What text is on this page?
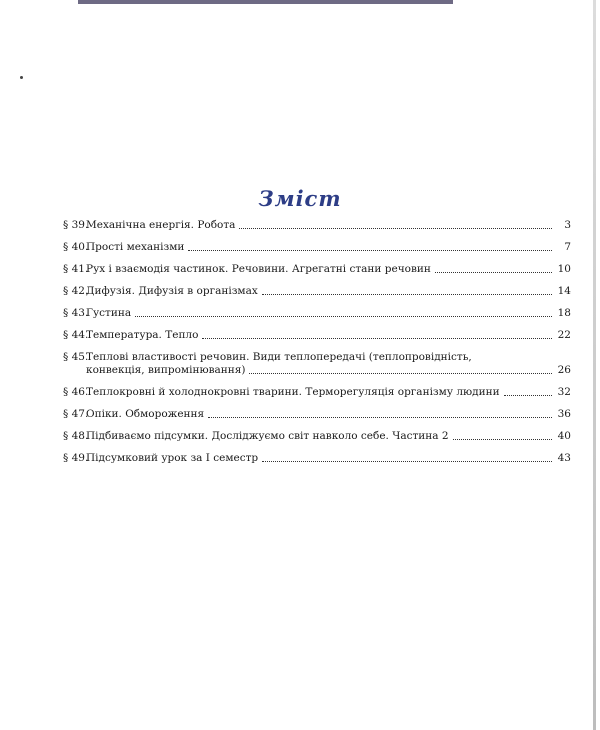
Зміст
§ 39.
Механічна енергія. Робота	3
§ 40.
Прості механізми	7
§ 41.
Рух і взаємодія частинок. Речовини. Агрегатні стани речовин	10
§ 42.
Дифузія. Дифузія в організмах	14
§ 43.
Густина	18
§ 44.
Температура. Тепло	22
§ 45.
Теплові властивості речовин. Види теплопередачі (теплопровідність,
конвекція, випромінювання)	26
§ 46.
Теплокровні й холоднокровні тварини. Терморегуляція організму людини	32
§ 47.
Опіки. Обмороження	36
§ 48.
Підбиваємо підсумки. Досліджуємо світ навколо себе. Частина 2	40
§ 49.
Підсумковий урок за І семестр	43
